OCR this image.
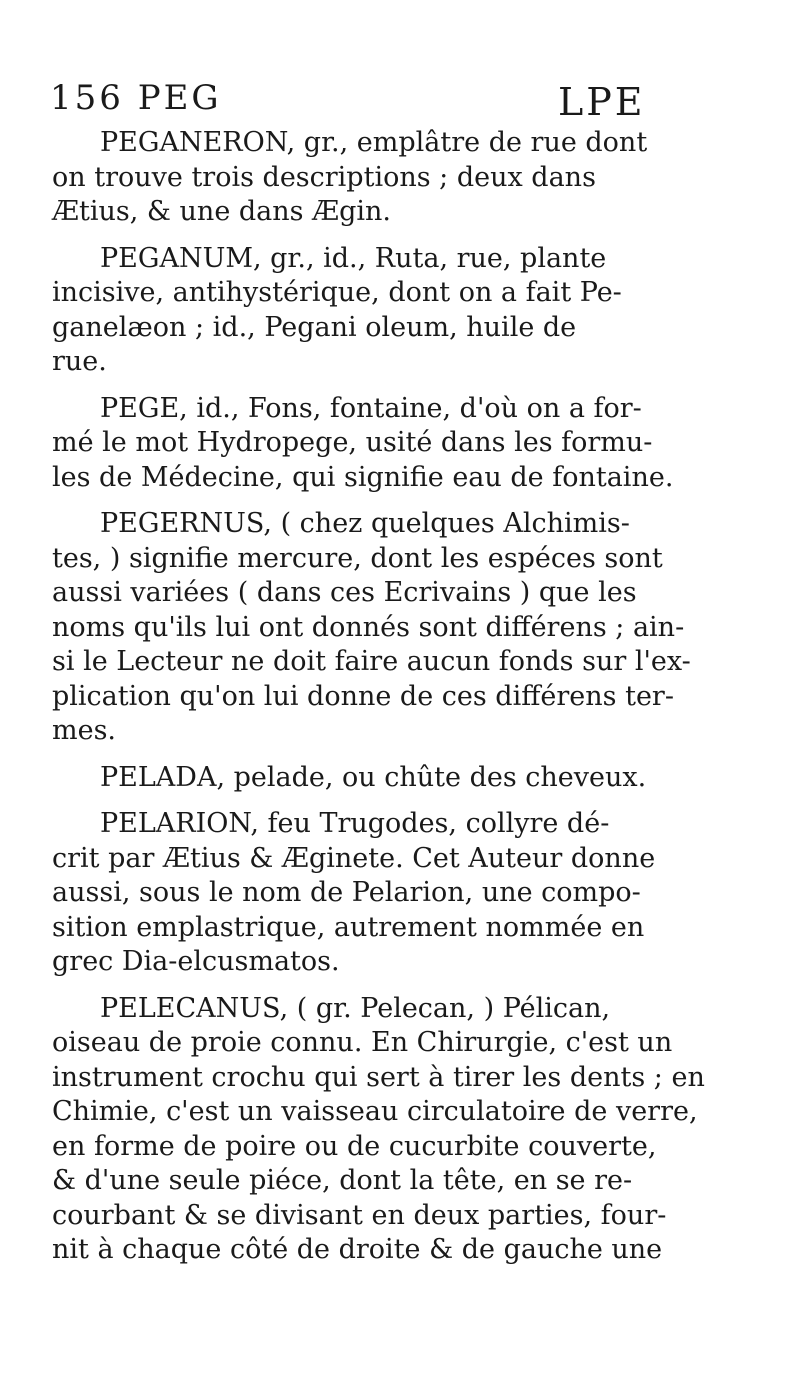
156 PEG	LPE
PEGANERON, gr., emplâtre de rue dont
on trouve trois descriptions ; deux dans
Ætius, & une dans Ægin.
PEGANUM, gr., id., Ruta, rue, plante
incisive, antihystérique, dont on a fait Pe-
ganelæon ; id., Pegani oleum, huile de
rue.
PEGE, id., Fons, fontaine, d'où on a for-
mé le mot Hydropege, usité dans les formu-
les de Médecine, qui signifie eau de fontaine.
PEGERNUS, ( chez quelques Alchimis-
tes, ) signifie mercure, dont les espéces sont
aussi variées ( dans ces Ecrivains ) que les
noms qu'ils lui ont donnés sont différens ; ain-
si le Lecteur ne doit faire aucun fonds sur l'ex-
plication qu'on lui donne de ces différens ter-
mes.
PELADA, pelade, ou chûte des cheveux.
PELARION, feu Trugodes, collyre dé-
crit par Ætius & Æginete. Cet Auteur donne
aussi, sous le nom de Pelarion, une compo-
sition emplastrique, autrement nommée en
grec Dia-elcusmatos.
PELECANUS, ( gr. Pelecan, ) Pélican,
oiseau de proie connu. En Chirurgie, c'est un
instrument crochu qui sert à tirer les dents ; en
Chimie, c'est un vaisseau circulatoire de verre,
en forme de poire ou de cucurbite couverte,
& d'une seule piéce, dont la tête, en se re-
courbant & se divisant en deux parties, four-
nit à chaque côté de droite & de gauche une
